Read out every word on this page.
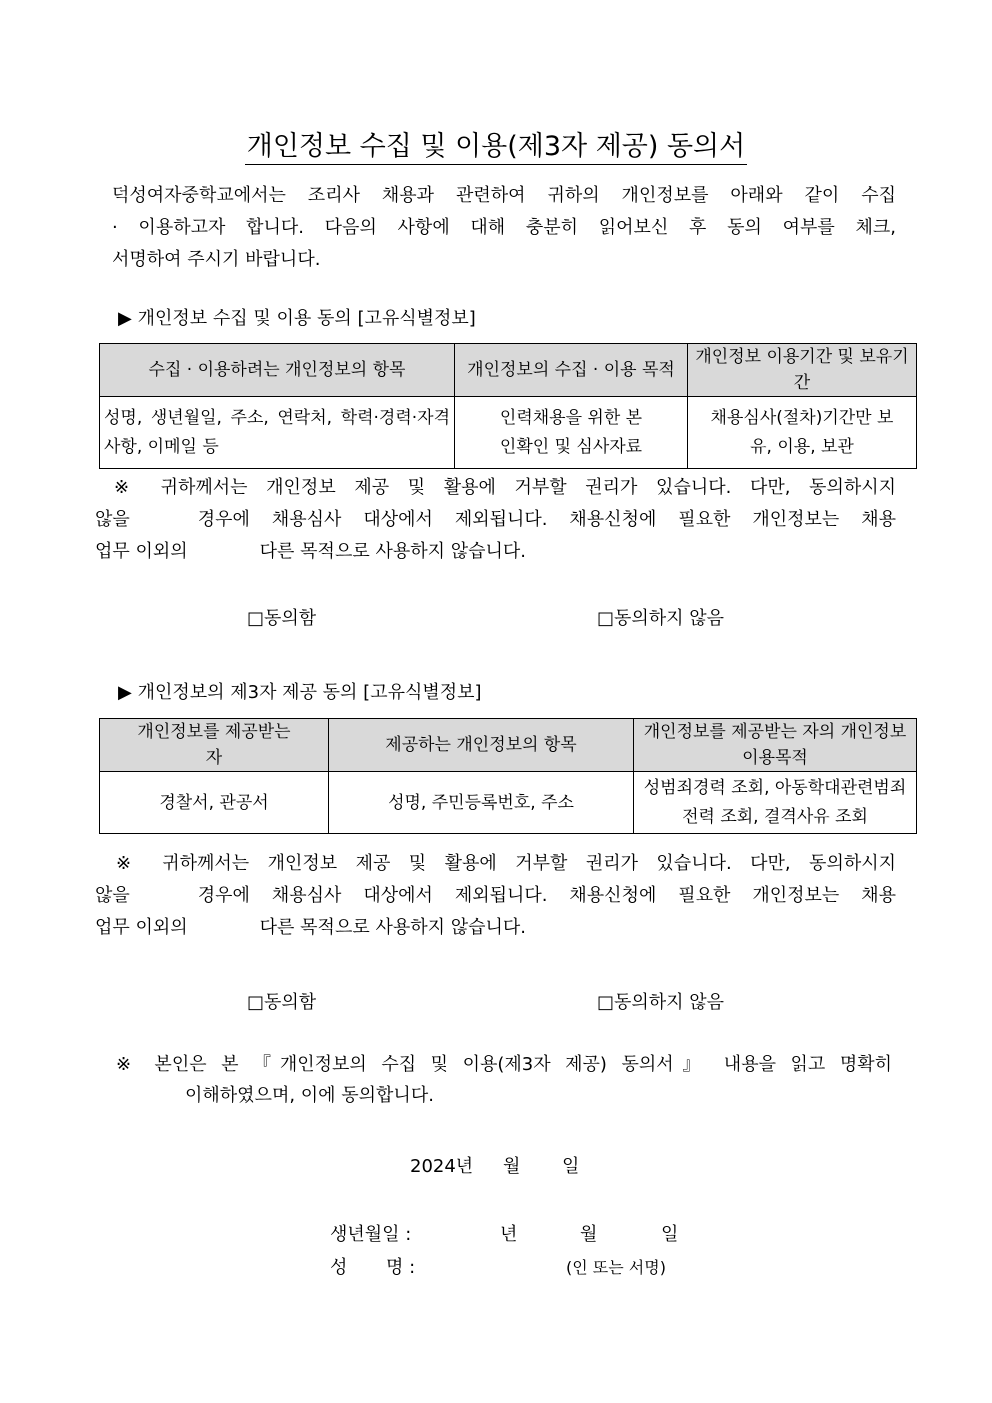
개인정보 수집 및 이용(제3자 제공) 동의서
덕성여자중학교에서는 조리사 채용과 관련하여 귀하의 개인정보를 아래와 같이 수집
· 이용하고자 합니다. 다음의 사항에 대해 충분히 읽어보신 후 동의 여부를 체크,
서명하여 주시기 바랍니다.
▶ 개인정보 수집 및 이용 동의 [고유식별정보]
수집 · 이용하려는 개인정보의 항목	개인정보의 수집 · 이용 목적	개인정보 이용기간 및 보유기간
성명, 생년월일, 주소, 연락처, 학력·경력·자격사항, 이메일 등	인력채용을 위한 본인확인 및 심사자료	채용심사(절차)기간만 보유, 이용, 보관
※ 귀하께서는 개인정보 제공 및 활용에 거부할 권리가 있습니다. 다만, 동의하시지
않을	경우에 채용심사 대상에서 제외됩니다. 채용신청에 필요한 개인정보는 채용
업무 이외의	다른 목적으로 사용하지 않습니다.
□동의함	□동의하지 않음
▶ 개인정보의 제3자 제공 동의 [고유식별정보]
개인정보를 제공받는자	제공하는 개인정보의 항목	개인정보를 제공받는 자의 개인정보 이용목적
경찰서, 관공서	성명, 주민등록번호, 주소	성범죄경력 조회, 아동학대관련범죄 전력 조회, 결격사유 조회
※ 귀하께서는 개인정보 제공 및 활용에 거부할 권리가 있습니다. 다만, 동의하시지
않을	경우에 채용심사 대상에서 제외됩니다. 채용신청에 필요한 개인정보는 채용
업무 이외의	다른 목적으로 사용하지 않습니다.
□동의함	□동의하지 않음
※ 본인은 본 『개인정보의 수집 및 이용(제3자 제공) 동의서』 내용을 읽고 명확히
이해하였으며, 이에 동의합니다.
2024년 월 일
생년월일 :	년	월	일
성 명 :	(인 또는 서명)
